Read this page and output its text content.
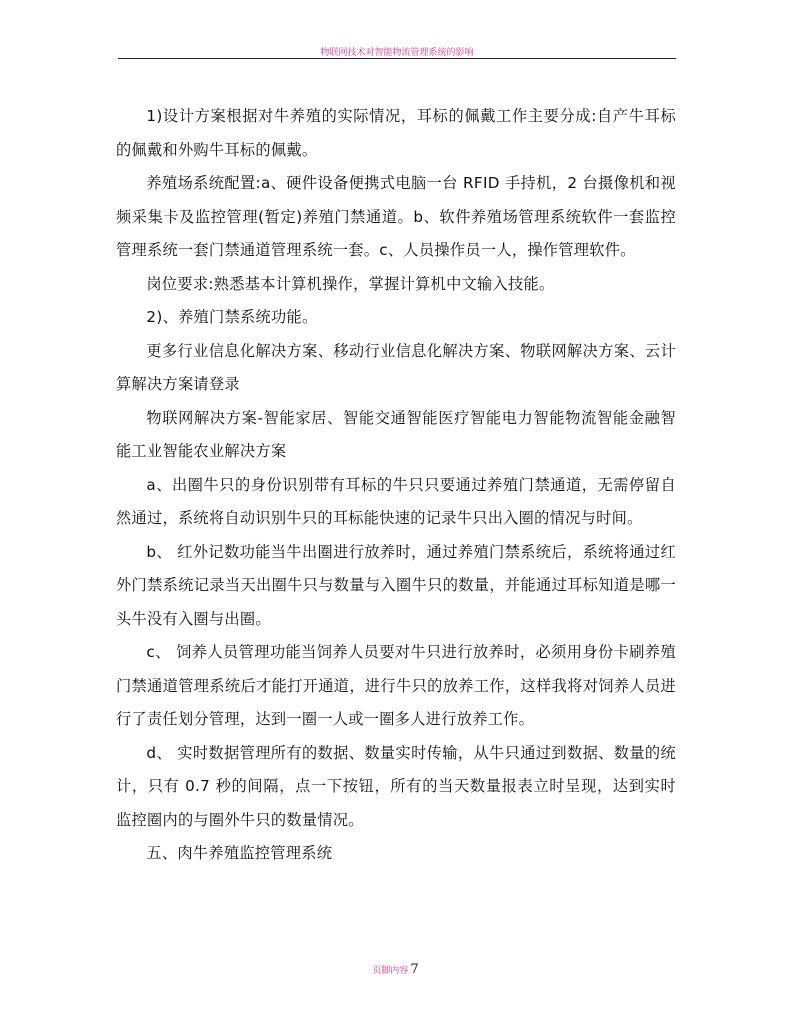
物联网技术对智能物流管理系统的影响

1)设计方案根据对牛养殖的实际情况，耳标的佩戴工作主要分成:自产牛耳标的佩戴和外购牛耳标的佩戴。

养殖场系统配置:a、硬件设备便携式电脑一台 RFID 手持机，2 台摄像机和视频采集卡及监控管理(暂定)养殖门禁通道。b、软件养殖场管理系统软件一套监控管理系统一套门禁通道管理系统一套。c、人员操作员一人，操作管理软件。

岗位要求:熟悉基本计算机操作，掌握计算机中文输入技能。

2)、养殖门禁系统功能。

更多行业信息化解决方案、移动行业信息化解决方案、物联网解决方案、云计算解决方案请登录

物联网解决方案-智能家居、智能交通智能医疗智能电力智能物流智能金融智能工业智能农业解决方案

a、出圈牛只的身份识别带有耳标的牛只只要通过养殖门禁通道，无需停留自然通过，系统将自动识别牛只的耳标能快速的记录牛只出入圈的情况与时间。

b、 红外记数功能当牛出圈进行放养时，通过养殖门禁系统后，系统将通过红外门禁系统记录当天出圈牛只与数量与入圈牛只的数量，并能通过耳标知道是哪一头牛没有入圈与出圈。

c、 饲养人员管理功能当饲养人员要对牛只进行放养时，必须用身份卡刷养殖门禁通道管理系统后才能打开通道，进行牛只的放养工作，这样我将对饲养人员进行了责任划分管理，达到一圈一人或一圈多人进行放养工作。

d、 实时数据管理所有的数据、数量实时传输，从牛只通过到数据、数量的统计，只有 0.7 秒的间隔，点一下按钮，所有的当天数量报表立时呈现，达到实时监控圈内的与圈外牛只的数量情况。

五、肉牛养殖监控管理系统

页脚内容 7
